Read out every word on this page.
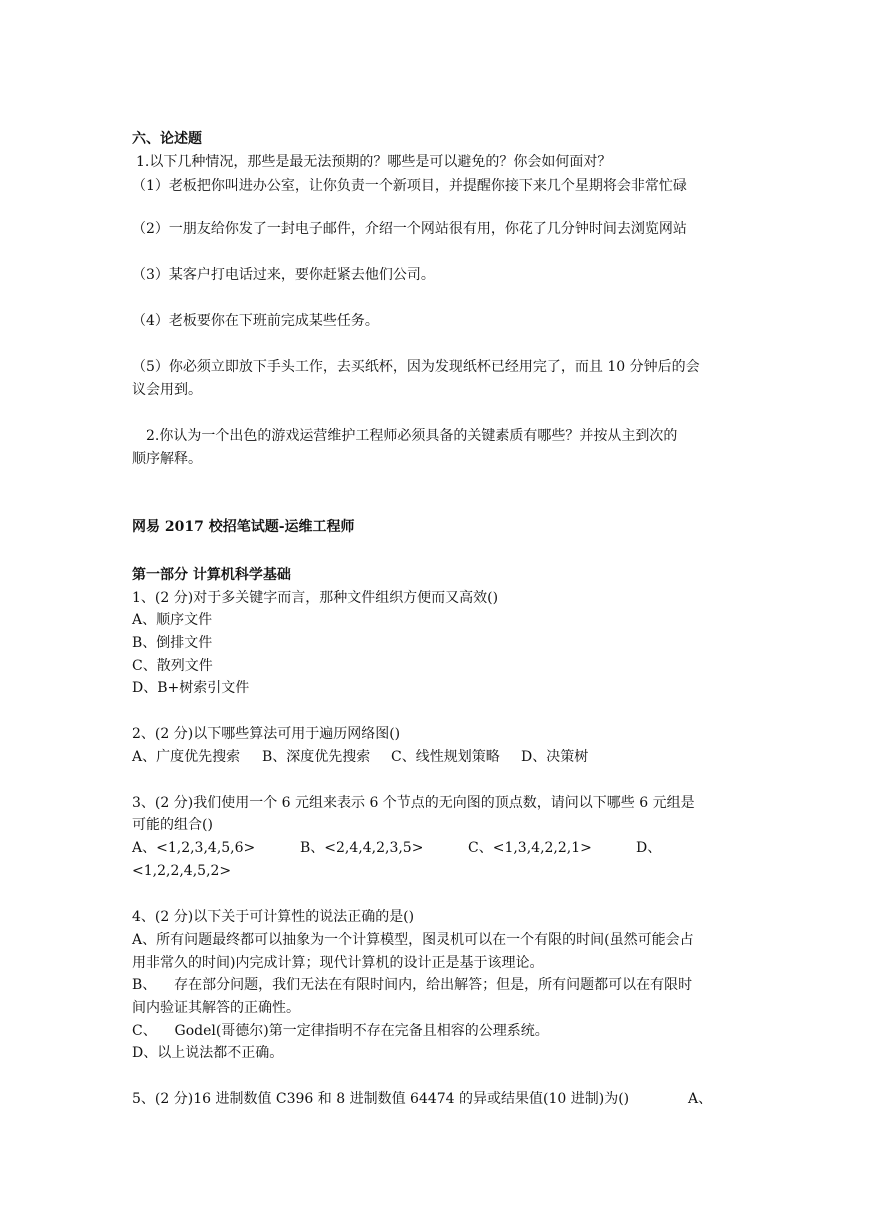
六、论述题
1.以下几种情况，那些是最无法预期的？哪些是可以避免的？你会如何面对？
（1）老板把你叫进办公室，让你负责一个新项目，并提醒你接下来几个星期将会非常忙碌
（2）一朋友给你发了一封电子邮件，介绍一个网站很有用，你花了几分钟时间去浏览网站
（3）某客户打电话过来，要你赶紧去他们公司。
（4）老板要你在下班前完成某些任务。
（5）你必须立即放下手头工作，去买纸杯，因为发现纸杯已经用完了，而且 10 分钟后的会
议会用到。
2.你认为一个出色的游戏运营维护工程师必须具备的关键素质有哪些？并按从主到次的
顺序解释。
网易 2017 校招笔试题-运维工程师
第一部分 计算机科学基础
1、(2 分)对于多关键字而言，那种文件组织方便而又高效()
A、顺序文件
B、倒排文件
C、散列文件
D、B+树索引文件
2、(2 分)以下哪些算法可用于遍历网络图()
A、广度优先搜索 B、深度优先搜索 C、线性规划策略 D、决策树
3、(2 分)我们使用一个 6 元组来表示 6 个节点的无向图的顶点数，请问以下哪些 6 元组是
可能的组合()
A、<1,2,3,4,5,6>	B、<2,4,4,2,3,5>	C、<1,3,4,2,2,1>	D、
<1,2,2,4,5,2>
4、(2 分)以下关于可计算性的说法正确的是()
A、所有问题最终都可以抽象为一个计算模型，图灵机可以在一个有限的时间(虽然可能会占
用非常久的时间)内完成计算；现代计算机的设计正是基于该理论。
B、    存在部分问题，我们无法在有限时间内，给出解答；但是，所有问题都可以在有限时
间内验证其解答的正确性。
C、    Godel(哥德尔)第一定律指明不存在完备且相容的公理系统。
D、以上说法都不正确。
5、(2 分)16 进制数值 C396 和 8 进制数值 64474 的异或结果值(10 进制)为()	A、
